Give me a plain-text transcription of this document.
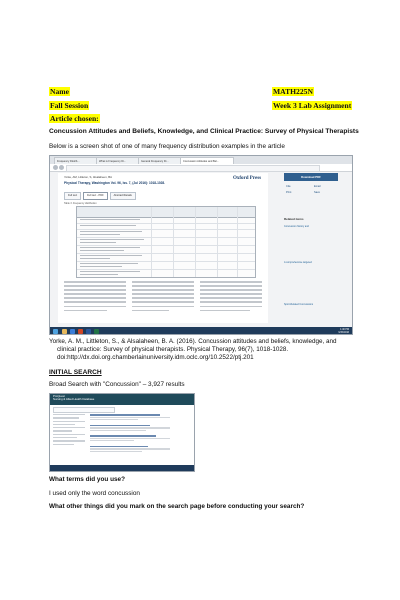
Name	MATH225N
Fall Session	Week 3 Lab Assignment
Article chosen:
Concussion Attitudes and Beliefs, Knowledge, and Clinical Practice: Survey of Physical Therapists
Below is a screen shot of one of many frequency distribution examples in the article
Frequency Distrib...	What is Frequency Di...	General Frequency Di...	Concussion Attitudes and Bel...
Yorke, AM, Littleton, S, Alsalaheen, BA
Physical Therapy, Washington Vol. 96, Iss. 7, (Jul 2016): 1018-1028.
Oxford Press
Full text	Full text - PDF	Abstract/Details
Table 3. Frequency distribution
Download PDF
Cite	Email
Print	Save
Related items
Concussion history and
A comprehensive targeted
Sport-Related Concussions
1:40 PM
9/15/2016
Yorke, A. M., Littleton, S., & Alsalaheen, B. A. (2016). Concussion attitudes and beliefs, knowledge, and
clinical practice: Survey of physical therapists. Physical Therapy, 96(7), 1018-1028.
doi:http://dx.doi.org.chamberlainuniversity.idm.oclc.org/10.2522/ptj.201
INITIAL SEARCH
Broad Search with "Concussion" – 3,927 results
ProQuest
Nursing & Allied Health Database
What terms did you use?
I used only the word concussion
What other things did you mark on the search page before conducting your search?
